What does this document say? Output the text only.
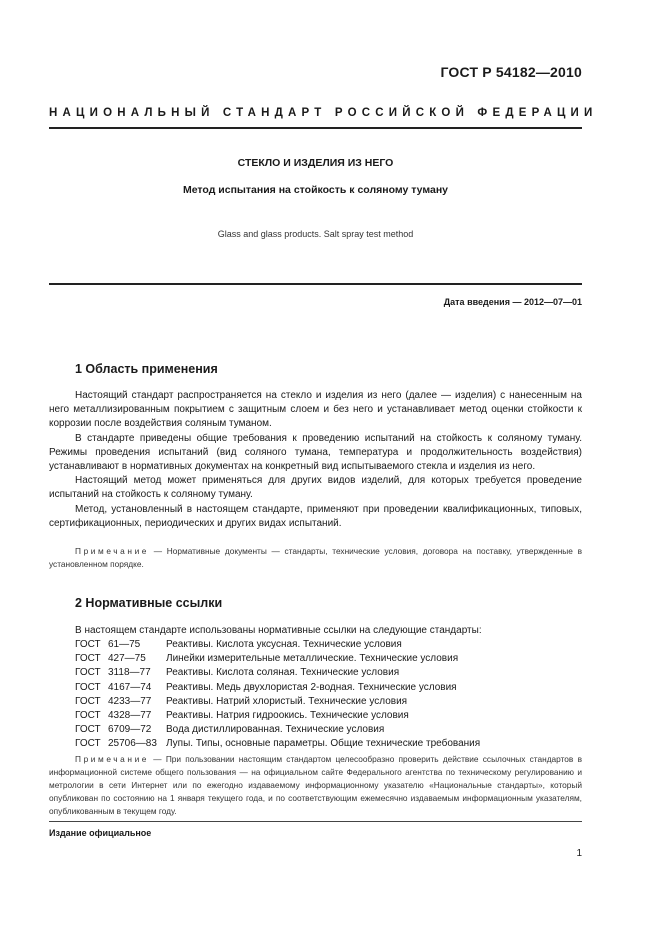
ГОСТ Р 54182—2010
НАЦИОНАЛЬНЫЙ СТАНДАРТ РОССИЙСКОЙ ФЕДЕРАЦИИ
СТЕКЛО И ИЗДЕЛИЯ ИЗ НЕГО
Метод испытания на стойкость к соляному туману
Glass and glass products. Salt spray test method
Дата введения — 2012—07—01
1 Область применения

Настоящий стандарт распространяется на стекло и изделия из него (далее — изделия) с нанесенным на него металлизированным покрытием с защитным слоем и без него и устанавливает метод оценки стойкости к коррозии после воздействия соляным туманом.

В стандарте приведены общие требования к проведению испытаний на стойкость к соляному туману. Режимы проведения испытаний (вид соляного тумана, температура и продолжительность воздействия) устанавливают в нормативных документах на конкретный вид испытываемого стекла и изделия из него.

Настоящий метод может применяться для других видов изделий, для которых требуется проведение испытаний на стойкость к соляному туману.

Метод, установленный в настоящем стандарте, применяют при проведении квалификационных, типовых, сертификационных, периодических и других видах испытаний.

Примечание — Нормативные документы — стандарты, технические условия, договора на поставку, утвержденные в установленном порядке.
2 Нормативные ссылки

В настоящем стандарте использованы нормативные ссылки на следующие стандарты:

ГОСТ 61—75	Реактивы. Кислота уксусная. Технические условия
ГОСТ 427—75	Линейки измерительные металлические. Технические условия
ГОСТ 3118—77	Реактивы. Кислота соляная. Технические условия
ГОСТ 4167—74	Реактивы. Медь двухлористая 2-водная. Технические условия
ГОСТ 4233—77	Реактивы. Натрий хлористый. Технические условия
ГОСТ 4328—77	Реактивы. Натрия гидроокись. Технические условия
ГОСТ 6709—72	Вода дистиллированная. Технические условия
ГОСТ 25706—83 Лупы. Типы, основные параметры. Общие технические требования
Примечание — При пользовании настоящим стандартом целесообразно проверить действие ссылочных стандартов в информационной системе общего пользования — на официальном сайте Федерального агентства по техническому регулированию и метрологии в сети Интернет или по ежегодно издаваемому информационному указателю «Национальные стандарты», который опубликован по состоянию на 1 января текущего года, и по соответствующим ежемесячно издаваемым информационным указателям, опубликованным в текущем году.
Издание официальное
1
